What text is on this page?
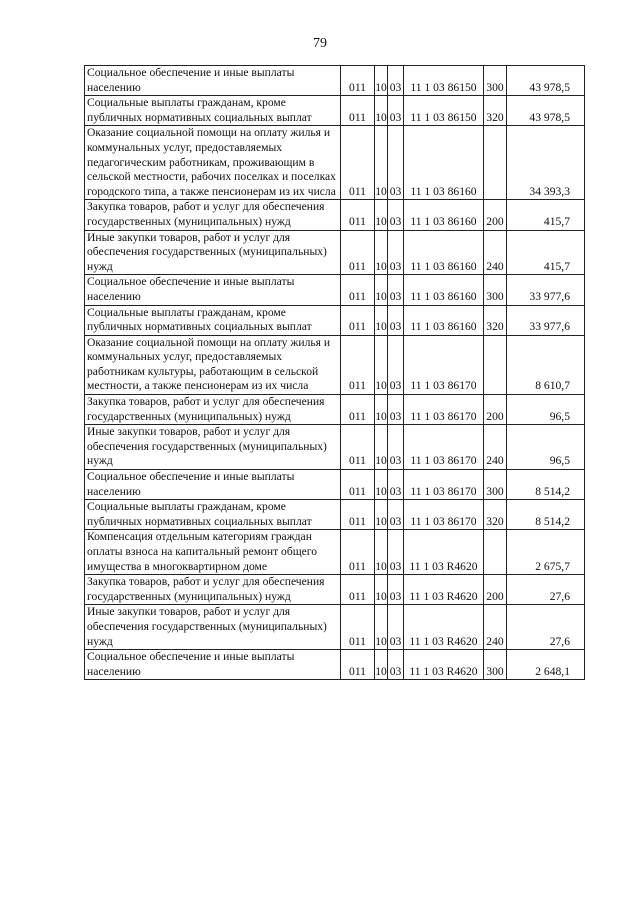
79
Социальное обеспечение и иные выплаты населению	011	10	03	11 1 03 86150	300	43 978,5
Социальные выплаты гражданам, кроме публичных нормативных социальных выплат	011	10	03	11 1 03 86150	320	43 978,5
Оказание социальной помощи на оплату жилья и коммунальных услуг, предоставляемых педагогическим работникам, проживающим в сельской местности, рабочих поселках и поселках городского типа, а также пенсионерам из их числа	011	10	03	11 1 03 86160		34 393,3
Закупка товаров, работ и услуг для обеспечения государственных (муниципальных) нужд	011	10	03	11 1 03 86160	200	415,7
Иные закупки товаров, работ и услуг для обеспечения государственных (муниципальных) нужд	011	10	03	11 1 03 86160	240	415,7
Социальное обеспечение и иные выплаты населению	011	10	03	11 1 03 86160	300	33 977,6
Социальные выплаты гражданам, кроме публичных нормативных социальных выплат	011	10	03	11 1 03 86160	320	33 977,6
Оказание социальной помощи на оплату жилья и коммунальных услуг, предоставляемых работникам культуры, работающим в сельской местности, а также пенсионерам из их числа	011	10	03	11 1 03 86170		8 610,7
Закупка товаров, работ и услуг для обеспечения государственных (муниципальных) нужд	011	10	03	11 1 03 86170	200	96,5
Иные закупки товаров, работ и услуг для обеспечения государственных (муниципальных) нужд	011	10	03	11 1 03 86170	240	96,5
Социальное обеспечение и иные выплаты населению	011	10	03	11 1 03 86170	300	8 514,2
Социальные выплаты гражданам, кроме публичных нормативных социальных выплат	011	10	03	11 1 03 86170	320	8 514,2
Компенсация отдельным категориям граждан оплаты взноса на капитальный ремонт общего имущества в многоквартирном доме	011	10	03	11 1 03 R4620		2 675,7
Закупка товаров, работ и услуг для обеспечения государственных (муниципальных) нужд	011	10	03	11 1 03 R4620	200	27,6
Иные закупки товаров, работ и услуг для обеспечения государственных (муниципальных) нужд	011	10	03	11 1 03 R4620	240	27,6
Социальное обеспечение и иные выплаты населению	011	10	03	11 1 03 R4620	300	2 648,1
